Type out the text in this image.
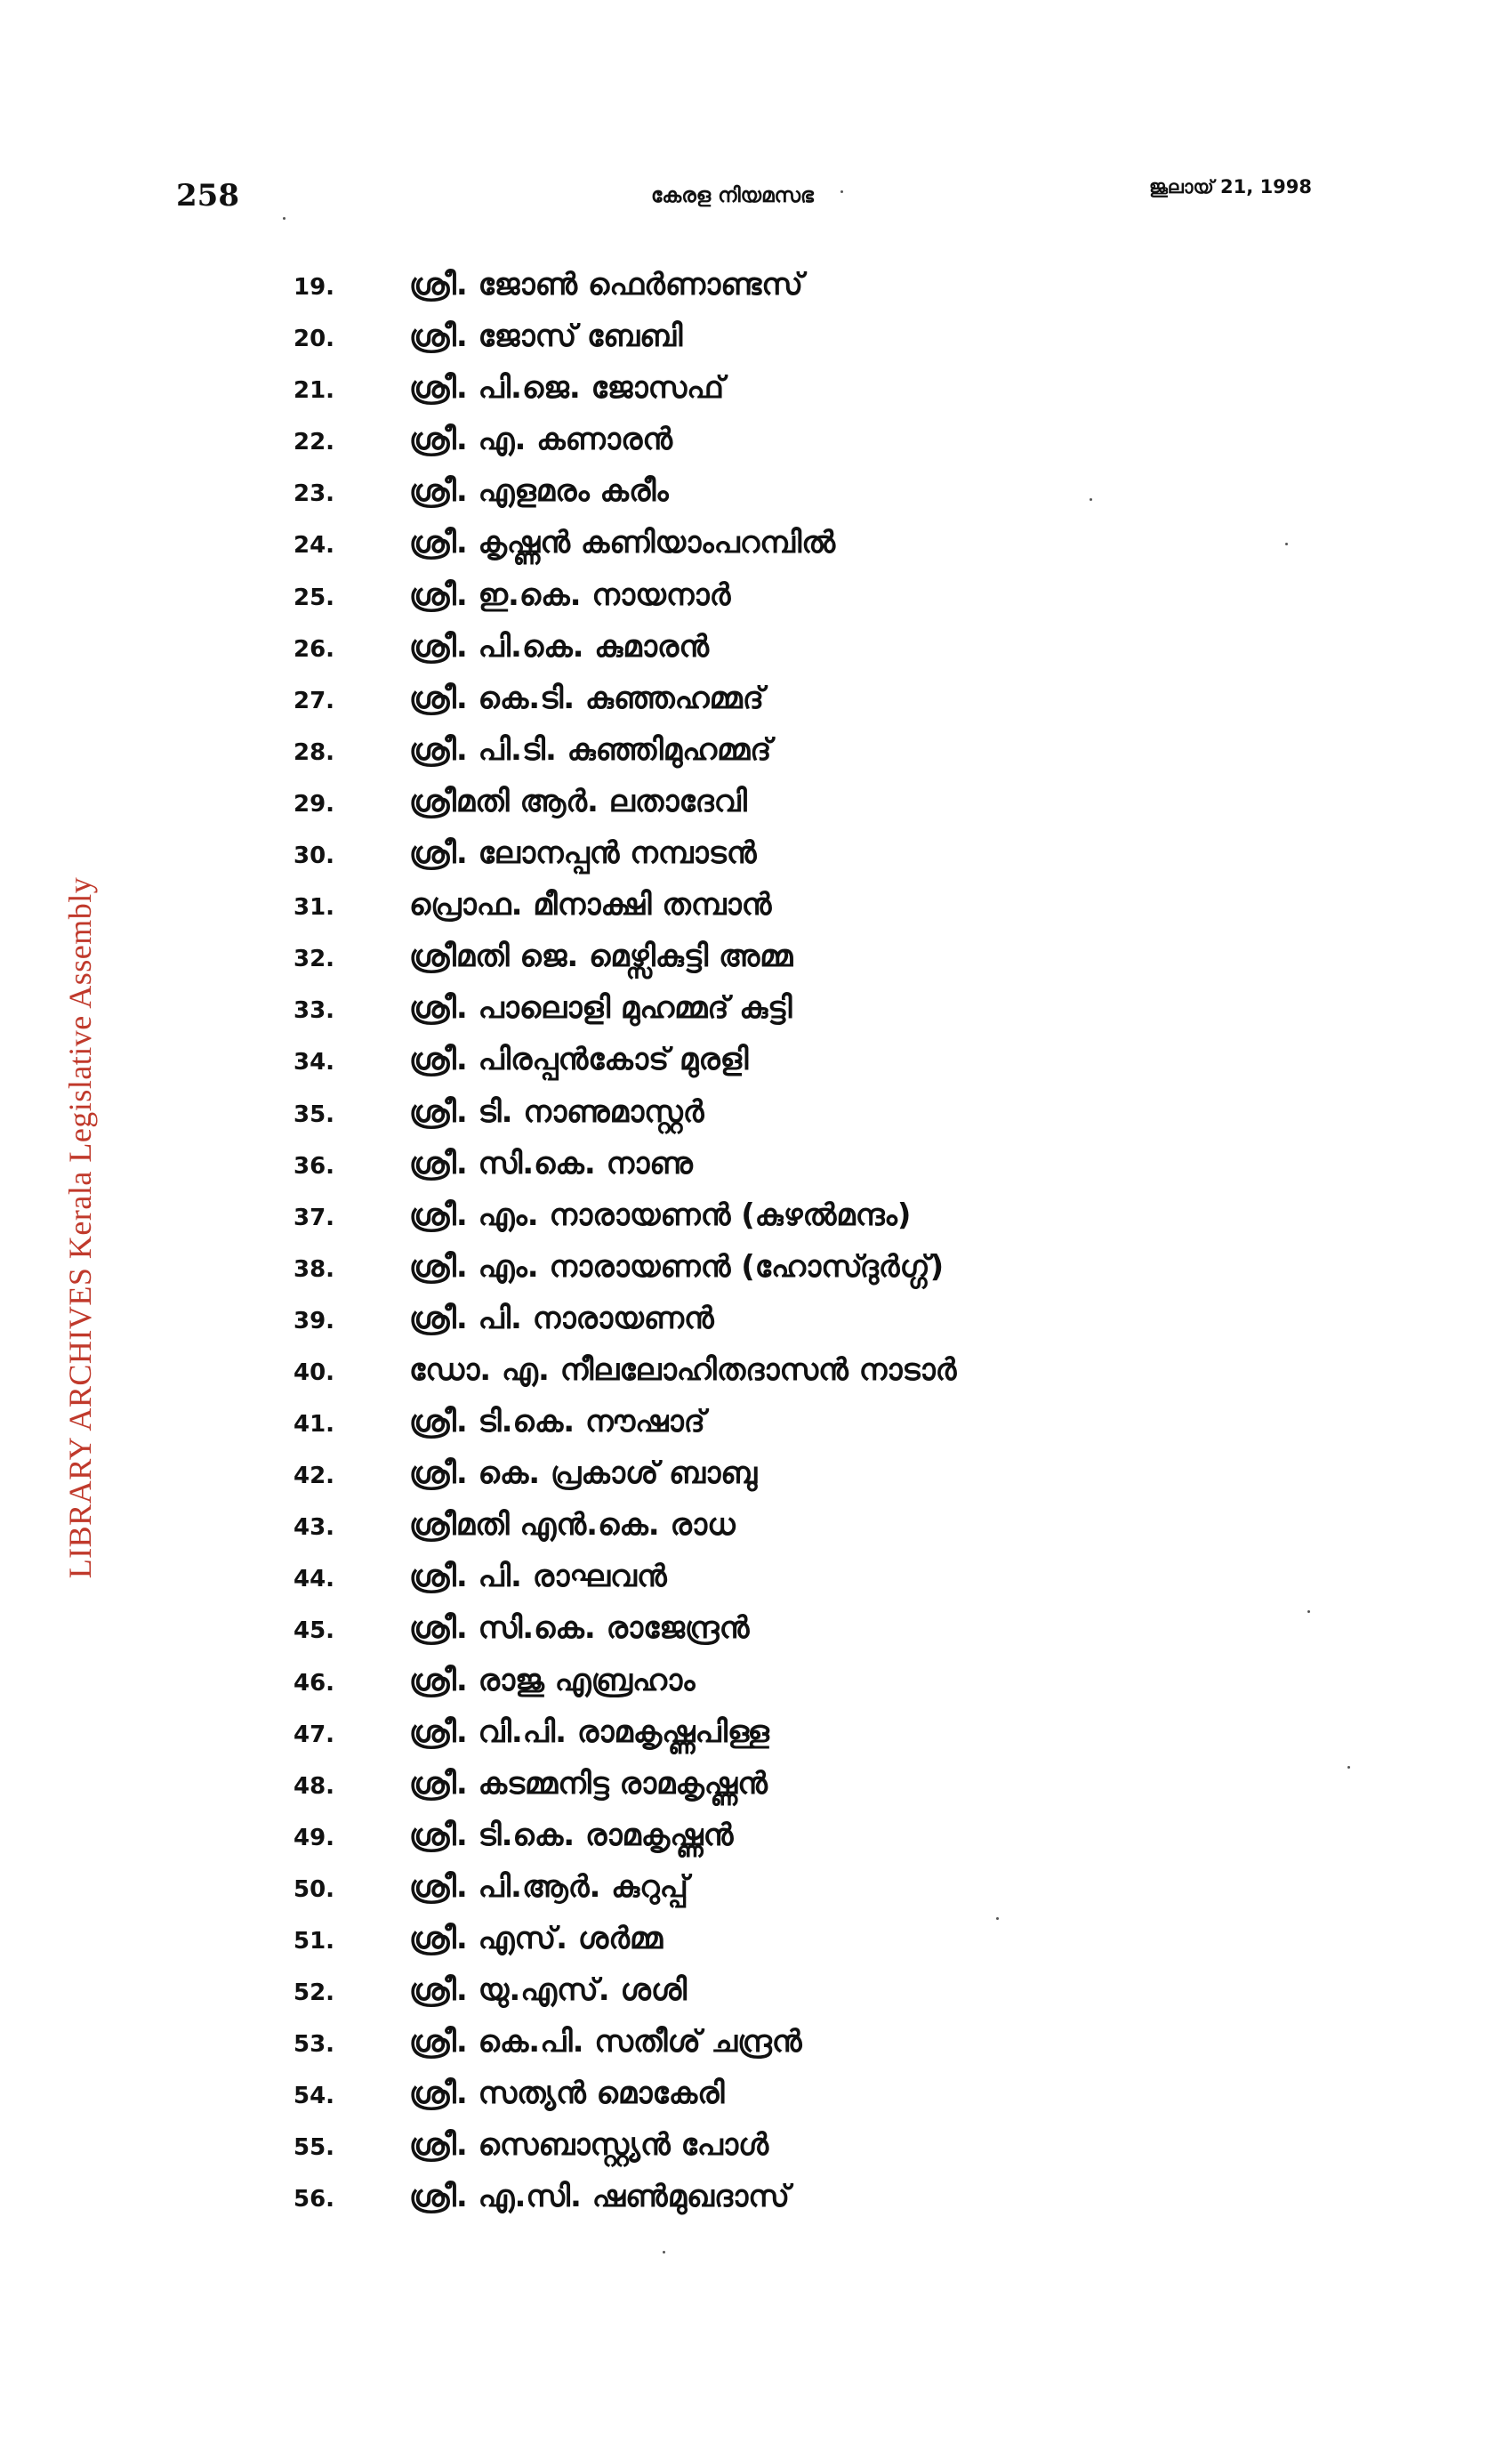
258	കേരള നിയമസഭ	ജൂലായ് 21, 1998
LIBRARY ARCHIVES Kerala Legislative Assembly
19.	ശ്രീ. ജോൺ ഫെർണാണ്ടസ്
20.	ശ്രീ. ജോസ് ബേബി
21.	ശ്രീ. പി.ജെ. ജോസഫ്
22.	ശ്രീ. എ. കണാരൻ
23.	ശ്രീ. എളമരം കരീം
24.	ശ്രീ. കൃഷ്ണൻ കണിയാംപറമ്പിൽ
25.	ശ്രീ. ഇ.കെ. നായനാർ
26.	ശ്രീ. പി.കെ. കുമാരൻ
27.	ശ്രീ. കെ.ടി. കുഞ്ഞഹമ്മദ്
28.	ശ്രീ. പി.ടി. കുഞ്ഞിമുഹമ്മദ്
29.	ശ്രീമതി ആർ. ലതാദേവി
30.	ശ്രീ. ലോനപ്പൻ നമ്പാടൻ
31.	പ്രൊഫ. മീനാക്ഷി തമ്പാൻ
32.	ശ്രീമതി ജെ. മെഴ്സികുട്ടി അമ്മ
33.	ശ്രീ. പാലൊളി മുഹമ്മദ് കുട്ടി
34.	ശ്രീ. പിരപ്പൻകോട് മുരളി
35.	ശ്രീ. ടി. നാണുമാസ്റ്റർ
36.	ശ്രീ. സി.കെ. നാണു
37.	ശ്രീ. എം. നാരായണൻ (കുഴൽമന്ദം)
38.	ശ്രീ. എം. നാരായണൻ (ഹോസ്ദുർഗ്ഗ്)
39.	ശ്രീ. പി. നാരായണൻ
40.	ഡോ. എ. നീലലോഹിതദാസൻ നാടാർ
41.	ശ്രീ. ടി.കെ. നൗഷാദ്
42.	ശ്രീ. കെ. പ്രകാശ് ബാബു
43.	ശ്രീമതി എൻ.കെ. രാധ
44.	ശ്രീ. പി. രാഘവൻ
45.	ശ്രീ. സി.കെ. രാജേന്ദ്രൻ
46.	ശ്രീ. രാജു എബ്രഹാം
47.	ശ്രീ. വി.പി. രാമകൃഷ്ണപിള്ള
48.	ശ്രീ. കടമ്മനിട്ട രാമകൃഷ്ണൻ
49.	ശ്രീ. ടി.കെ. രാമകൃഷ്ണൻ
50.	ശ്രീ. പി.ആർ. കുറുപ്പ്
51.	ശ്രീ. എസ്. ശർമ്മ
52.	ശ്രീ. യു.എസ്. ശശി
53.	ശ്രീ. കെ.പി. സതീശ് ചന്ദ്രൻ
54.	ശ്രീ. സത്യൻ മൊകേരി
55.	ശ്രീ. സെബാസ്റ്റ്യൻ പോൾ
56.	ശ്രീ. എ.സി. ഷൺമുഖദാസ്
